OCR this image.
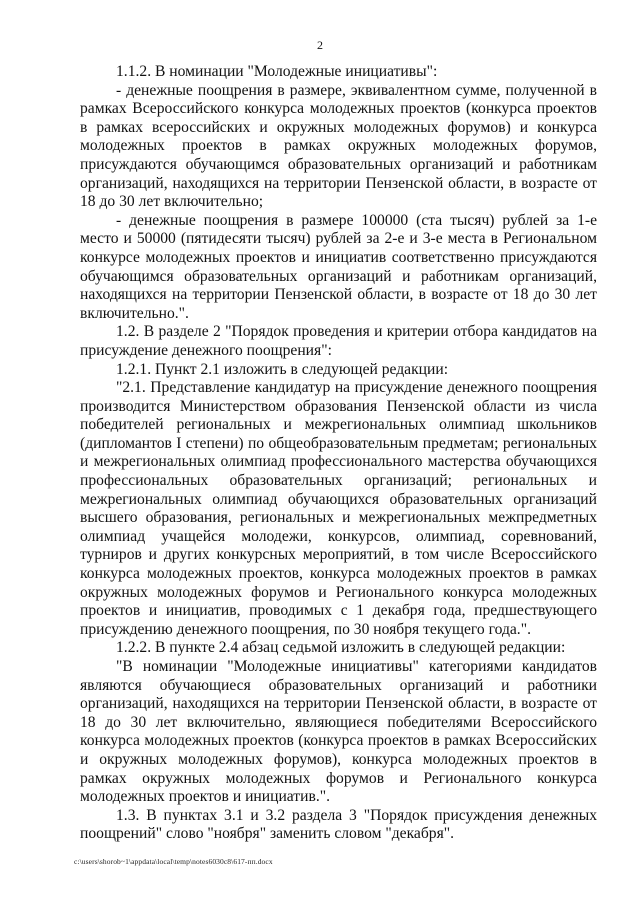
2

1.1.2. В номинации "Молодежные инициативы":

- денежные поощрения в размере, эквивалентном сумме, полученной в рамках Всероссийского конкурса молодежных проектов (конкурса проектов в рамках всероссийских и окружных молодежных форумов) и конкурса молодежных проектов в рамках окружных молодежных форумов, присуждаются обучающимся образовательных организаций и работникам организаций, находящихся на территории Пензенской области, в возрасте от 18 до 30 лет включительно;

- денежные поощрения в размере 100000 (ста тысяч) рублей за 1-е место и 50000 (пятидесяти тысяч) рублей за 2-е и 3-е места в Региональном конкурсе молодежных проектов и инициатив соответственно присуждаются обучающимся образовательных организаций и работникам организаций, находящихся на территории Пензенской области, в возрасте от 18 до 30 лет включительно.".

1.2. В разделе 2 "Порядок проведения и критерии отбора кандидатов на присуждение денежного поощрения":

1.2.1. Пункт 2.1 изложить в следующей редакции:

"2.1. Представление кандидатур на присуждение денежного поощрения производится Министерством образования Пензенской области из числа победителей региональных и межрегиональных олимпиад школьников (дипломантов I степени) по общеобразовательным предметам; региональных и межрегиональных олимпиад профессионального мастерства обучающихся профессиональных образовательных организаций; региональных и межрегиональных олимпиад обучающихся образовательных организаций высшего образования, региональных и межрегиональных межпредметных олимпиад учащейся молодежи, конкурсов, олимпиад, соревнований, турниров и других конкурсных мероприятий, в том числе Всероссийского конкурса молодежных проектов, конкурса молодежных проектов в рамках окружных молодежных форумов и Регионального конкурса молодежных проектов и инициатив, проводимых с 1 декабря года, предшествующего присуждению денежного поощрения, по 30 ноября текущего года.".

1.2.2. В пункте 2.4 абзац седьмой изложить в следующей редакции:

"В номинации "Молодежные инициативы" категориями кандидатов являются обучающиеся образовательных организаций и работники организаций, находящихся на территории Пензенской области, в возрасте от 18 до 30 лет включительно, являющиеся победителями Всероссийского конкурса молодежных проектов (конкурса проектов в рамках Всероссийских и окружных молодежных форумов), конкурса молодежных проектов в рамках окружных молодежных форумов и Регионального конкурса молодежных проектов и инициатив.".

1.3. В пунктах 3.1 и 3.2 раздела 3 "Порядок присуждения денежных поощрений" слово "ноября" заменить словом "декабря".

c:\users\shorob~1\appdata\local\temp\notes6030c8\617-пп.docx
